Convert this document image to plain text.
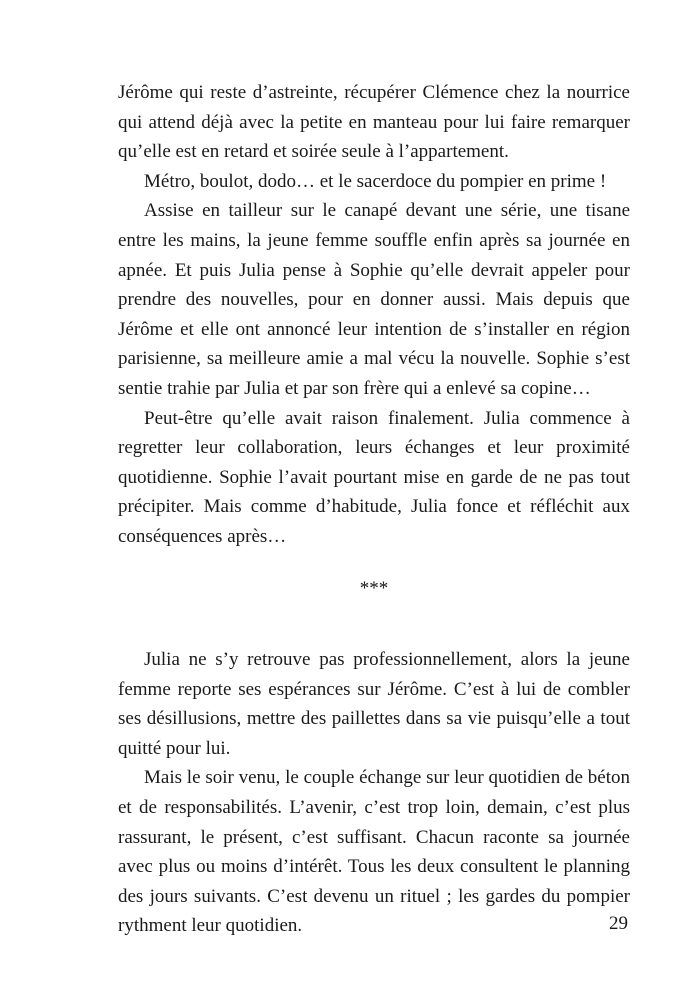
Jérôme qui reste d’astreinte, récupérer Clémence chez la nourrice qui attend déjà avec la petite en manteau pour lui faire remarquer qu’elle est en retard et soirée seule à l’appartement.

Métro, boulot, dodo… et le sacerdoce du pompier en prime !

Assise en tailleur sur le canapé devant une série, une tisane entre les mains, la jeune femme souffle enfin après sa journée en apnée. Et puis Julia pense à Sophie qu’elle devrait appeler pour prendre des nouvelles, pour en donner aussi. Mais depuis que Jérôme et elle ont annoncé leur intention de s’installer en région parisienne, sa meilleure amie a mal vécu la nouvelle. Sophie s’est sentie trahie par Julia et par son frère qui a enlevé sa copine…

Peut-être qu’elle avait raison finalement. Julia commence à regretter leur collaboration, leurs échanges et leur proximité quotidienne. Sophie l’avait pourtant mise en garde de ne pas tout précipiter. Mais comme d’habitude, Julia fonce et réfléchit aux conséquences après…

***

Julia ne s’y retrouve pas professionnellement, alors la jeune femme reporte ses espérances sur Jérôme. C’est à lui de combler ses désillusions, mettre des paillettes dans sa vie puisqu’elle a tout quitté pour lui.

Mais le soir venu, le couple échange sur leur quotidien de béton et de responsabilités. L’avenir, c’est trop loin, demain, c’est plus rassurant, le présent, c’est suffisant. Chacun raconte sa journée avec plus ou moins d’intérêt. Tous les deux consultent le planning des jours suivants. C’est devenu un rituel ; les gardes du pompier rythment leur quotidien.	29
